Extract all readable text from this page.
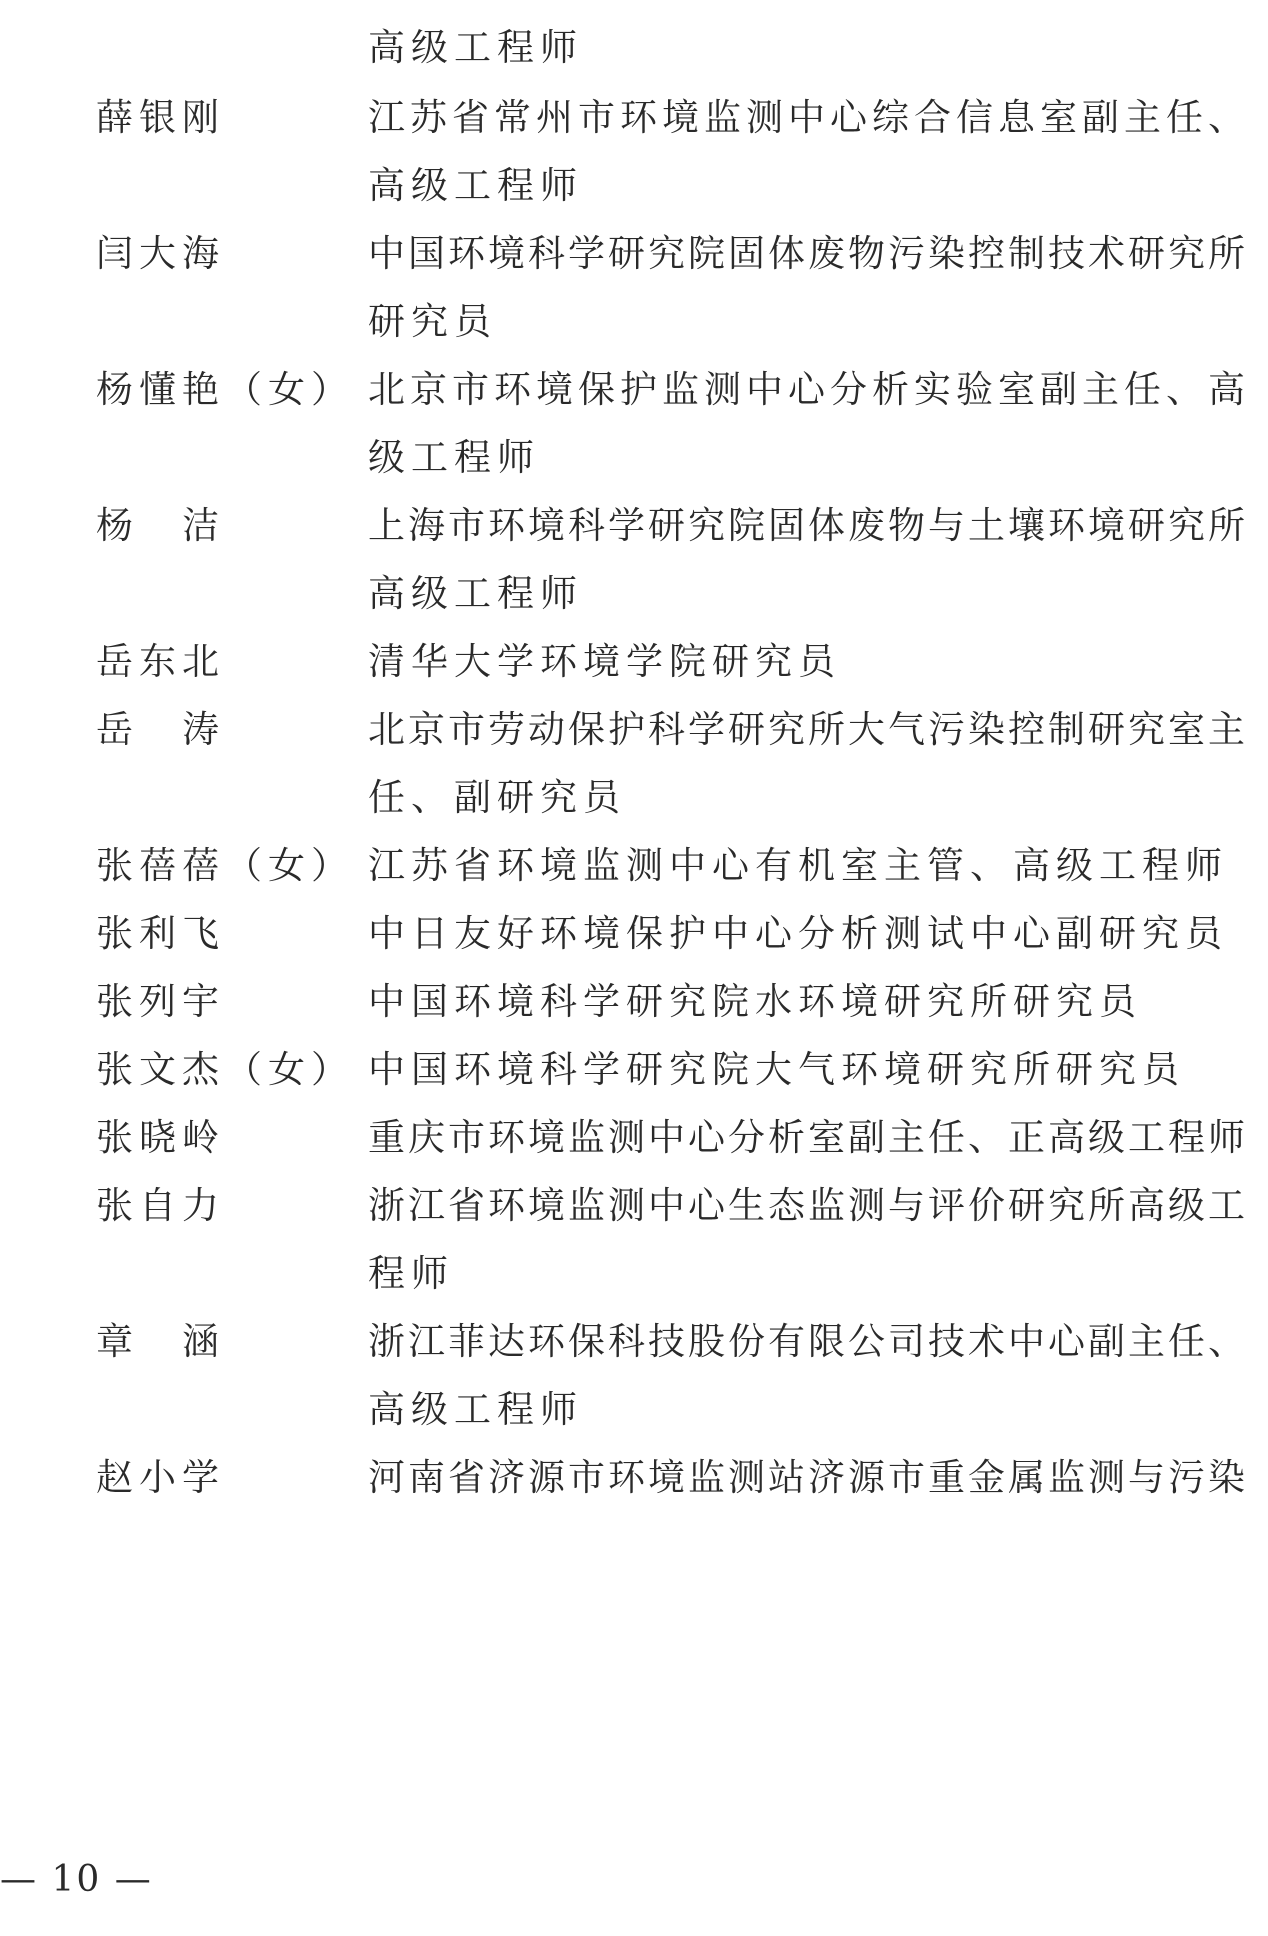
高级工程师
薛银刚	江苏省常州市环境监测中心综合信息室副主任、
高级工程师
闫大海	中国环境科学研究院固体废物污染控制技术研究所
研究员
杨懂艳（女） 北京市环境保护监测中心分析实验室副主任、高
级工程师
杨　洁	上海市环境科学研究院固体废物与土壤环境研究所
高级工程师
岳东北	清华大学环境学院研究员
岳　涛	北京市劳动保护科学研究所大气污染控制研究室主
任、副研究员
张蓓蓓（女） 江苏省环境监测中心有机室主管、高级工程师
张利飞	中日友好环境保护中心分析测试中心副研究员
张列宇	中国环境科学研究院水环境研究所研究员
张文杰（女） 中国环境科学研究院大气环境研究所研究员
张晓岭	重庆市环境监测中心分析室副主任、正高级工程师
张自力	浙江省环境监测中心生态监测与评价研究所高级工
程师
章　涵	浙江菲达环保科技股份有限公司技术中心副主任、
高级工程师
赵小学	河南省济源市环境监测站济源市重金属监测与污染
— 10 —
